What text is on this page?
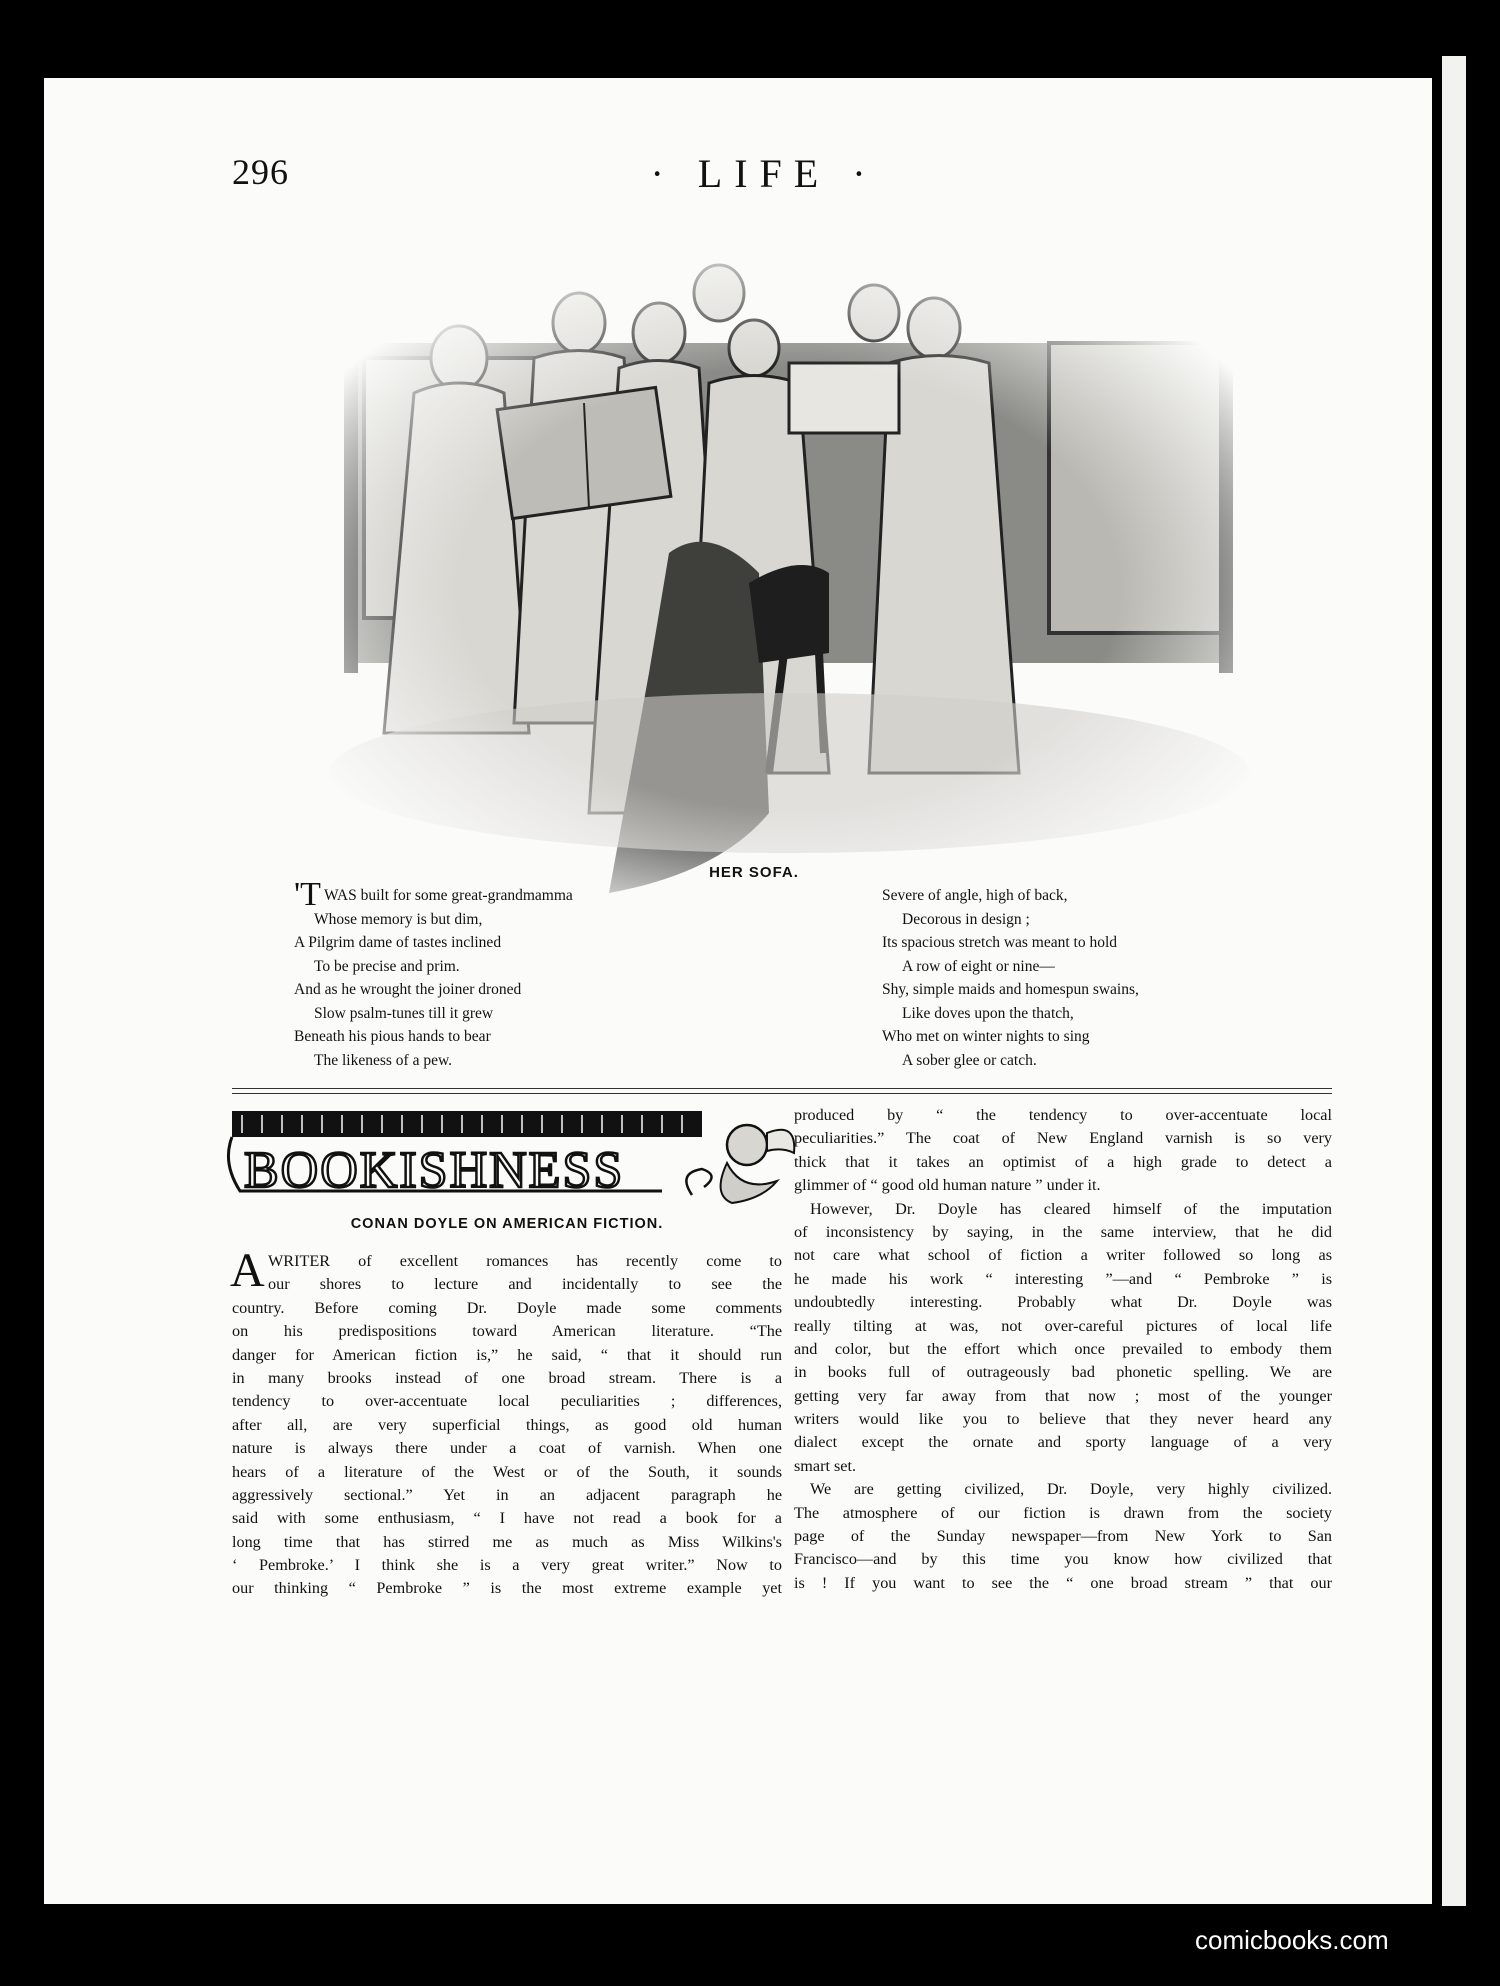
296	· LIFE ·
HER SOFA.
'T WAS built for some great-grandmamma
Whose memory is but dim,
A Pilgrim dame of tastes inclined
To be precise and prim.
And as he wrought the joiner droned
Slow psalm-tunes till it grew
Beneath his pious hands to bear
The likeness of a pew.
Severe of angle, high of back,
Decorous in design ;
Its spacious stretch was meant to hold
A row of eight or nine—
Shy, simple maids and homespun swains,
Like doves upon the thatch,
Who met on winter nights to sing
A sober glee or catch.
BOOKISHNESS
CONAN DOYLE ON AMERICAN FICTION.
A WRITER of excellent romances has recently come to
our shores to lecture and incidentally to see the
country. Before coming Dr. Doyle made some comments
on his predispositions toward American literature. “The
danger for American fiction is,” he said, “ that it should run
in many brooks instead of one broad stream. There is a
tendency to over-accentuate local peculiarities ; differences,
after all, are very superficial things, as good old human
nature is always there under a coat of varnish. When one
hears of a literature of the West or of the South, it sounds
aggressively sectional.” Yet in an adjacent paragraph he
said with some enthusiasm, “ I have not read a book for a
long time that has stirred me as much as Miss Wilkins's
‘ Pembroke.’ I think she is a very great writer.” Now to
our thinking “ Pembroke ” is the most extreme example yet
produced by “ the tendency to over-accentuate local
peculiarities.” The coat of New England varnish is so very
thick that it takes an optimist of a high grade to detect a
glimmer of “ good old human nature ” under it.
However, Dr. Doyle has cleared himself of the imputation
of inconsistency by saying, in the same interview, that he did
not care what school of fiction a writer followed so long as
he made his work “ interesting ”—and “ Pembroke ” is
undoubtedly interesting. Probably what Dr. Doyle was
really tilting at was, not over-careful pictures of local life
and color, but the effort which once prevailed to embody them
in books full of outrageously bad phonetic spelling. We are
getting very far away from that now ; most of the younger
writers would like you to believe that they never heard any
dialect except the ornate and sporty language of a very
smart set.
We are getting civilized, Dr. Doyle, very highly civilized.
The atmosphere of our fiction is drawn from the society
page of the Sunday newspaper—from New York to San
Francisco—and by this time you know how civilized that
is ! If you want to see the “ one broad stream ” that our
comicbooks.com
